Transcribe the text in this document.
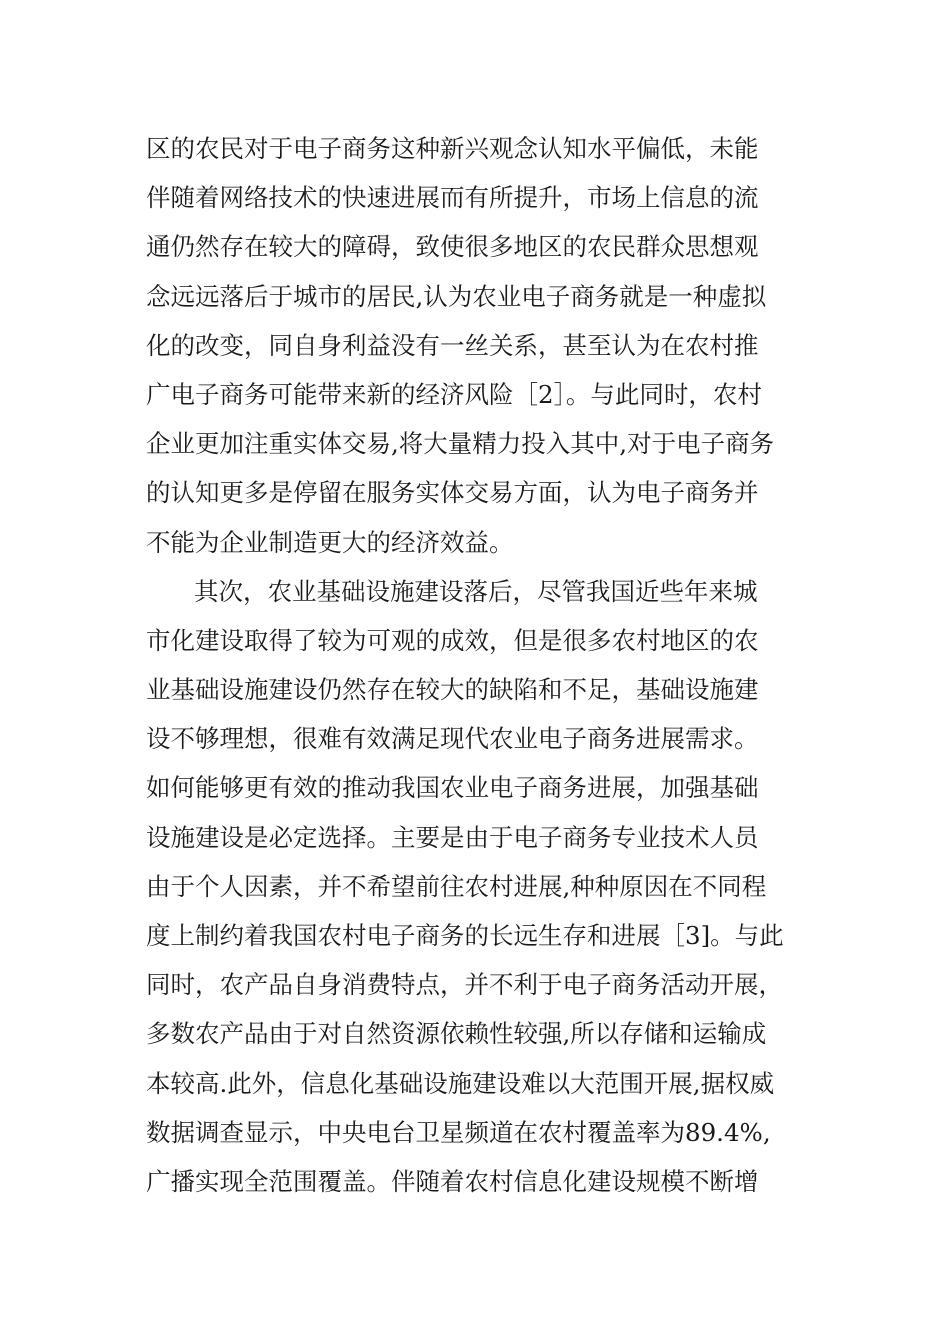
区的农民对于电子商务这种新兴观念认知水平偏低，未能
伴随着网络技术的快速进展而有所提升，市场上信息的流
通仍然存在较大的障碍，致使很多地区的农民群众思想观
念远远落后于城市的居民,认为农业电子商务就是一种虚拟
化的改变，同自身利益没有一丝关系，甚至认为在农村推
广电子商务可能带来新的经济风险［2］。与此同时，农村
企业更加注重实体交易,将大量精力投入其中,对于电子商务
的认知更多是停留在服务实体交易方面，认为电子商务并
不能为企业制造更大的经济效益。
其次，农业基础设施建设落后，尽管我国近些年来城
市化建设取得了较为可观的成效，但是很多农村地区的农
业基础设施建设仍然存在较大的缺陷和不足，基础设施建
设不够理想，很难有效满足现代农业电子商务进展需求。
如何能够更有效的推动我国农业电子商务进展，加强基础
设施建设是必定选择。主要是由于电子商务专业技术人员
由于个人因素，并不希望前往农村进展,种种原因在不同程
度上制约着我国农村电子商务的长远生存和进展［3]。与此
同时，农产品自身消费特点，并不利于电子商务活动开展，
多数农产品由于对自然资源依赖性较强,所以存储和运输成
本较高.此外，信息化基础设施建设难以大范围开展,据权威
数据调查显示，中央电台卫星频道在农村覆盖率为89.4%,
广播实现全范围覆盖。伴随着农村信息化建设规模不断增
